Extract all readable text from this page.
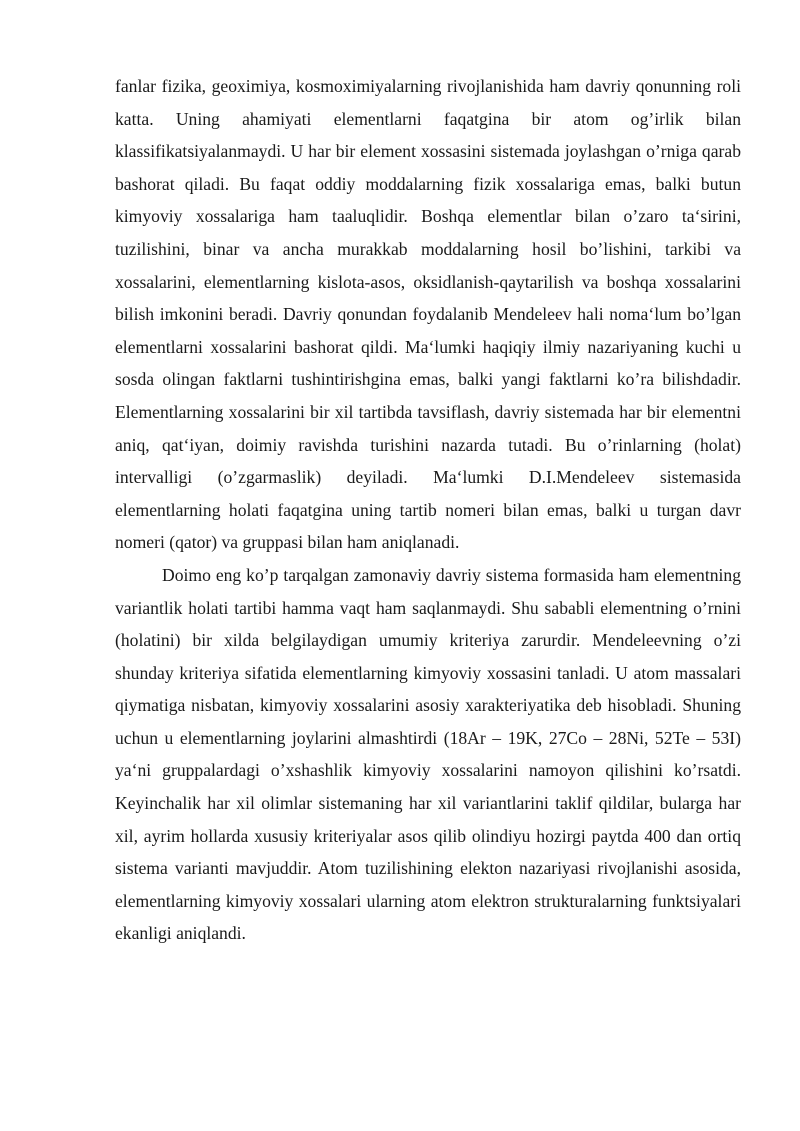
fanlar fizika, geoximiya, kosmoximiyalarning rivojlanishida ham davriy qonunning roli katta. Uning ahamiyati elementlarni faqatgina bir atom og’irlik bilan klassifikatsiyalanmaydi. U har bir element xossasini sistemada joylashgan o’rniga qarab bashorat qiladi. Bu faqat oddiy moddalarning fizik xossalariga emas, balki butun kimyoviy xossalariga ham taaluqlidir. Boshqa elementlar bilan o’zaro ta‘sirini, tuzilishini, binar va ancha murakkab moddalarning hosil bo’lishini, tarkibi va xossalarini, elementlarning kislota-asos, oksidlanish-qaytarilish va boshqa xossalarini bilish imkonini beradi. Davriy qonundan foydalanib Mendeleev hali noma‘lum bo’lgan elementlarni xossalarini bashorat qildi. Ma‘lumki haqiqiy ilmiy nazariyaning kuchi u sosda olingan faktlarni tushintirishgina emas, balki yangi faktlarni ko’ra bilishdadir. Elementlarning xossalarini bir xil tartibda tavsiflash, davriy sistemada har bir elementni aniq, qat‘iyan, doimiy ravishda turishini nazarda tutadi. Bu o’rinlarning (holat) intervalligi (o’zgarmaslik) deyiladi. Ma‘lumki D.I.Mendeleev sistemasida elementlarning holati faqatgina uning tartib nomeri bilan emas, balki u turgan davr nomeri (qator) va gruppasi bilan ham aniqlanadi.

Doimo eng ko’p tarqalgan zamonaviy davriy sistema formasida ham elementning variantlik holati tartibi hamma vaqt ham saqlanmaydi. Shu sababli elementning o’rnini (holatini) bir xilda belgilaydigan umumiy kriteriya zarurdir. Mendeleevning o’zi shunday kriteriya sifatida elementlarning kimyoviy xossasini tanladi. U atom massalari qiymatiga nisbatan, kimyoviy xossalarini asosiy xarakteriyatika deb hisobladi. Shuning uchun u elementlarning joylarini almashtirdi (18Ar – 19K, 27Co – 28Ni, 52Te – 53I) ya‘ni gruppalardagi o’xshashlik kimyoviy xossalarini namoyon qilishini ko’rsatdi. Keyinchalik har xil olimlar sistemaning har xil variantlarini taklif qildilar, bularga har xil, ayrim hollarda xususiy kriteriyalar asos qilib olindiyu hozirgi paytda 400 dan ortiq sistema varianti mavjuddir. Atom tuzilishining elekton nazariyasi rivojlanishi asosida, elementlarning kimyoviy xossalari ularning atom elektron strukturalarning funktsiyalari ekanligi aniqlandi.
